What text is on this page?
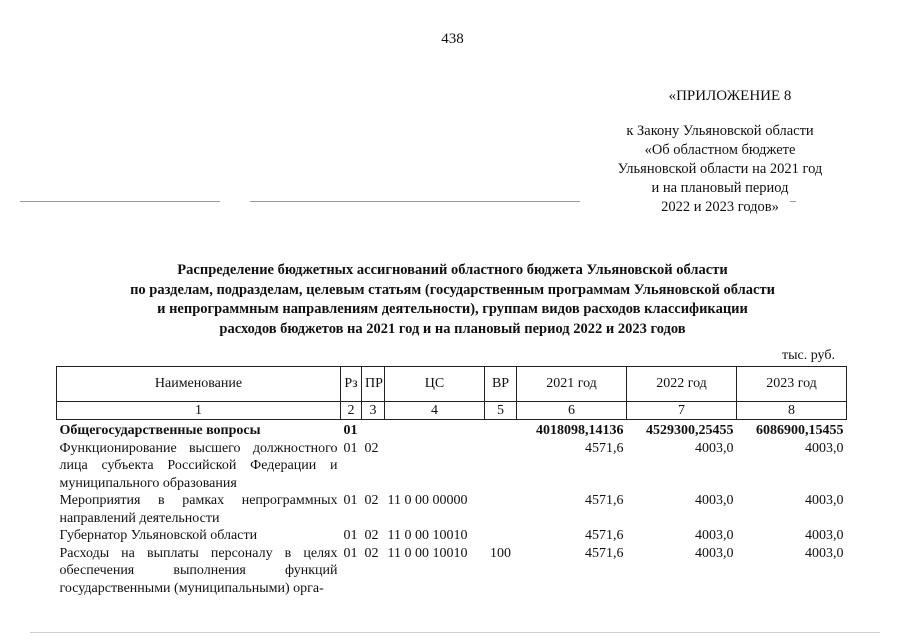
438
«ПРИЛОЖЕНИЕ 8
к Закону Ульяновской области
«Об областном бюджете
Ульяновской области на 2021 год
и на плановый период
2022 и 2023 годов»
Распределение бюджетных ассигнований областного бюджета Ульяновской области
по разделам, подразделам, целевым статьям (государственным программам Ульяновской области
и непрограммным направлениям деятельности), группам видов расходов классификации
расходов бюджетов на 2021 год и на плановый период 2022 и 2023 годов
тыс. руб.
Наименование	Рз	ПР	ЦС	ВР	2021 год	2022 год	2023 год
1	2	3	4	5	6	7	8

Общегосударственные вопросы	01				4018098,14136	4529300,25455	6086900,15455
Функционирование высшего должностного лица субъекта Российской Федерации и муниципального образования	01	02			4571,6	4003,0	4003,0
Мероприятия в рамках непрограммных направлений деятельности	01	02	11 0 00 00000		4571,6	4003,0	4003,0
Губернатор Ульяновской области	01	02	11 0 00 10010		4571,6	4003,0	4003,0
Расходы на выплаты персоналу в целях обеспечения выполнения функций государственными (муниципальными) орга-	01	02	11 0 00 10010	100	4571,6	4003,0	4003,0
